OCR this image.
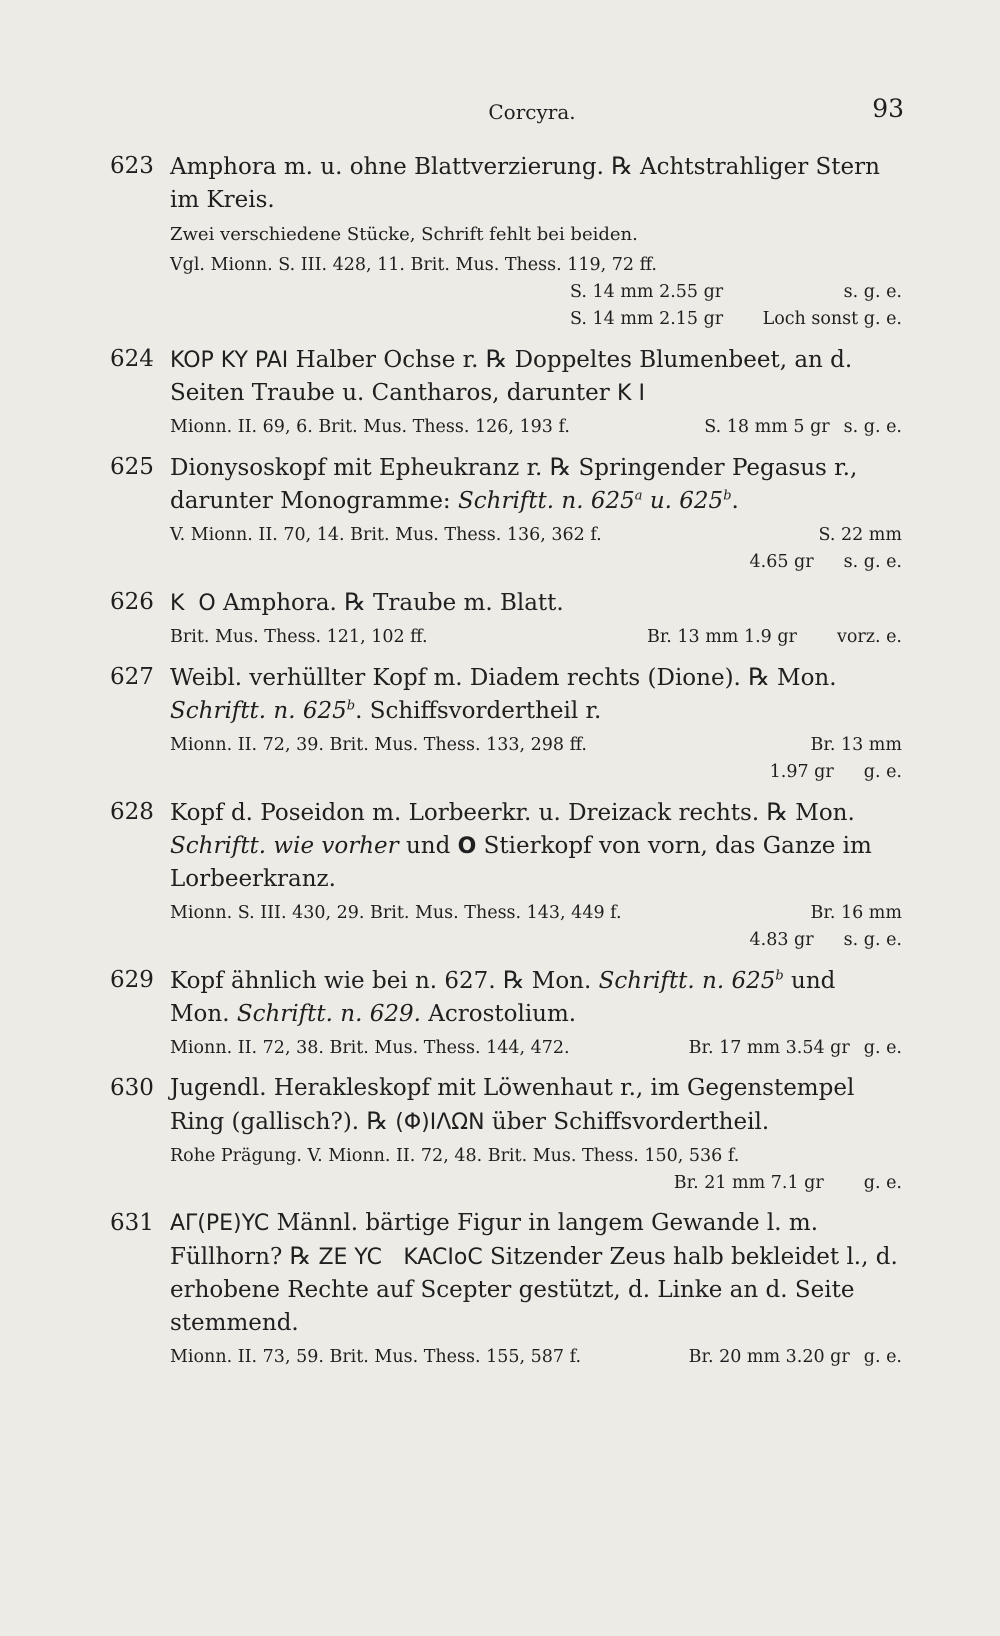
Corcyra.	93
623 Amphora m. u. ohne Blattverzierung. ℞ Achtstrahliger Stern im Kreis.
Zwei verschiedene Stücke, Schrift fehlt bei beiden.
Vgl. Mionn. S. III. 428, 11. Brit. Mus. Thess. 119, 72 ff.
S. 14 mm 2.55 gr	s. g. e.
S. 14 mm 2.15 gr	Loch sonst g. e.
624 KOP KY PAI Halber Ochse r. ℞ Doppeltes Blumenbeet, an d. Seiten Traube u. Cantharos, darunter K I
Mionn. II. 69, 6. Brit. Mus. Thess. 126, 193 f.	S. 18 mm 5 gr s. g. e.
625 Dionysoskopf mit Epheukranz r. ℞ Springender Pegasus r., darunter Monogramme: Schriftt. n. 625$^a$ u. 625$^b$.
V. Mionn. II. 70, 14. Brit. Mus. Thess. 136, 362 f.	S. 22 mm
4.65 gr s. g. e.
626 K  O Amphora. ℞ Traube m. Blatt.
Brit. Mus. Thess. 121, 102 ff.	Br. 13 mm 1.9 gr vorz. e.
627 Weibl. verhüllter Kopf m. Diadem rechts (Dione). ℞ Mon. Schriftt. n. 625$^b$. Schiffsvordertheil r.
Mionn. II. 72, 39. Brit. Mus. Thess. 133, 298 ff.	Br. 13 mm
1.97 gr g. e.
628 Kopf d. Poseidon m. Lorbeerkr. u. Dreizack rechts. ℞ Mon. Schriftt. wie vorher und O Stierkopf von vorn, das Ganze im Lorbeerkranz.
Mionn. S. III. 430, 29. Brit. Mus. Thess. 143, 449 f.	Br. 16 mm
4.83 gr s. g. e.
629 Kopf ähnlich wie bei n. 627. ℞ Mon. Schriftt. n. 625$^b$ und Mon. Schriftt. n. 629. Acrostolium.
Mionn. II. 72, 38. Brit. Mus. Thess. 144, 472.	Br. 17 mm 3.54 gr g. e.
630 Jugendl. Herakleskopf mit Löwenhaut r., im Gegenstempel Ring (gallisch?). ℞ (Φ)IΛΩN über Schiffsvordertheil.
Rohe Prägung. V. Mionn. II. 72, 48. Brit. Mus. Thess. 150, 536 f.
Br. 21 mm 7.1 gr g. e.
631 AΓ(PE)YC Männl. bärtige Figur in langem Gewande l. m. Füllhorn? ℞ ZE YC KACIoC Sitzender Zeus halb bekleidet l., d. erhobene Rechte auf Scepter gestützt, d. Linke an d. Seite stemmend.
Mionn. II. 73, 59. Brit. Mus. Thess. 155, 587 f.	Br. 20 mm 3.20 gr g. e.
